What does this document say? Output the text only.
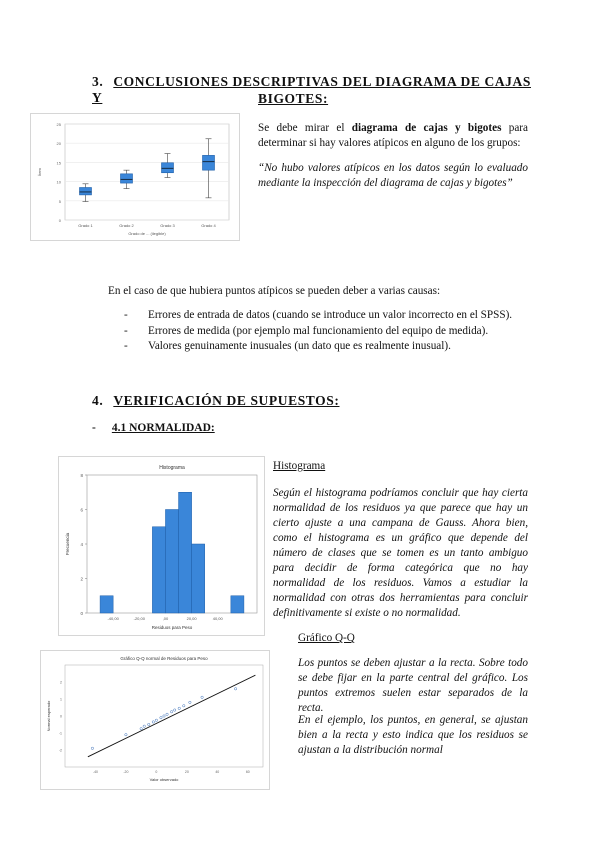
3. CONCLUSIONES DESCRIPTIVAS DEL DIAGRAMA DE CAJAS Y	BIGOTES:
0
5
10
15
20
25
Grado 1	Grado 2	Grado 3	Grado 4
Grado de ... (ilegible)
Ítem
Se debe mirar el diagrama de cajas y bigotes para determinar si hay valores atípicos en alguno de los grupos:
“No hubo valores atípicos en los datos según lo evaluado mediante la inspección del diagrama de cajas y bigotes”
En el caso de que hubiera puntos atípicos se pueden deber a varias causas:
- Errores de entrada de datos (cuando se introduce un valor incorrecto en el SPSS).
- Errores de medida (por ejemplo mal funcionamiento del equipo de medida).
- Valores genuinamente inusuales (un dato que es realmente inusual).
4. VERIFICACIÓN DE SUPUESTOS:
- 4.1 NORMALIDAD:
Histograma
0
2
4
6
8
-40,00	-20,00	,00	20,00	40,00
Residuos para Peso
Frecuencia
Histograma
Según el histograma podríamos concluir que hay cierta normalidad de los residuos ya que parece que hay un cierto ajuste a una campana de Gauss. Ahora bien, como el histograma es un gráfico que depende del número de clases que se tomen es un tanto ambiguo para decidir de forma categórica que no hay normalidad de los residuos. Vamos a estudiar la normalidad con otras dos herramientas para concluir definitivamente si existe o no normalidad.
Gráfico Q-Q normal de Residuos para Peso
-2
-1
0
1
2
-40	-20	0	20	40	60
Valor observado
Normal esperado
Gráfico Q-Q
Los puntos se deben ajustar a la recta. Sobre todo se debe fijar en la parte central del gráfico. Los puntos extremos suelen estar separados de la recta.
En el ejemplo, los puntos, en general, se ajustan bien a la recta y esto indica que los residuos se ajustan a la distribución normal
